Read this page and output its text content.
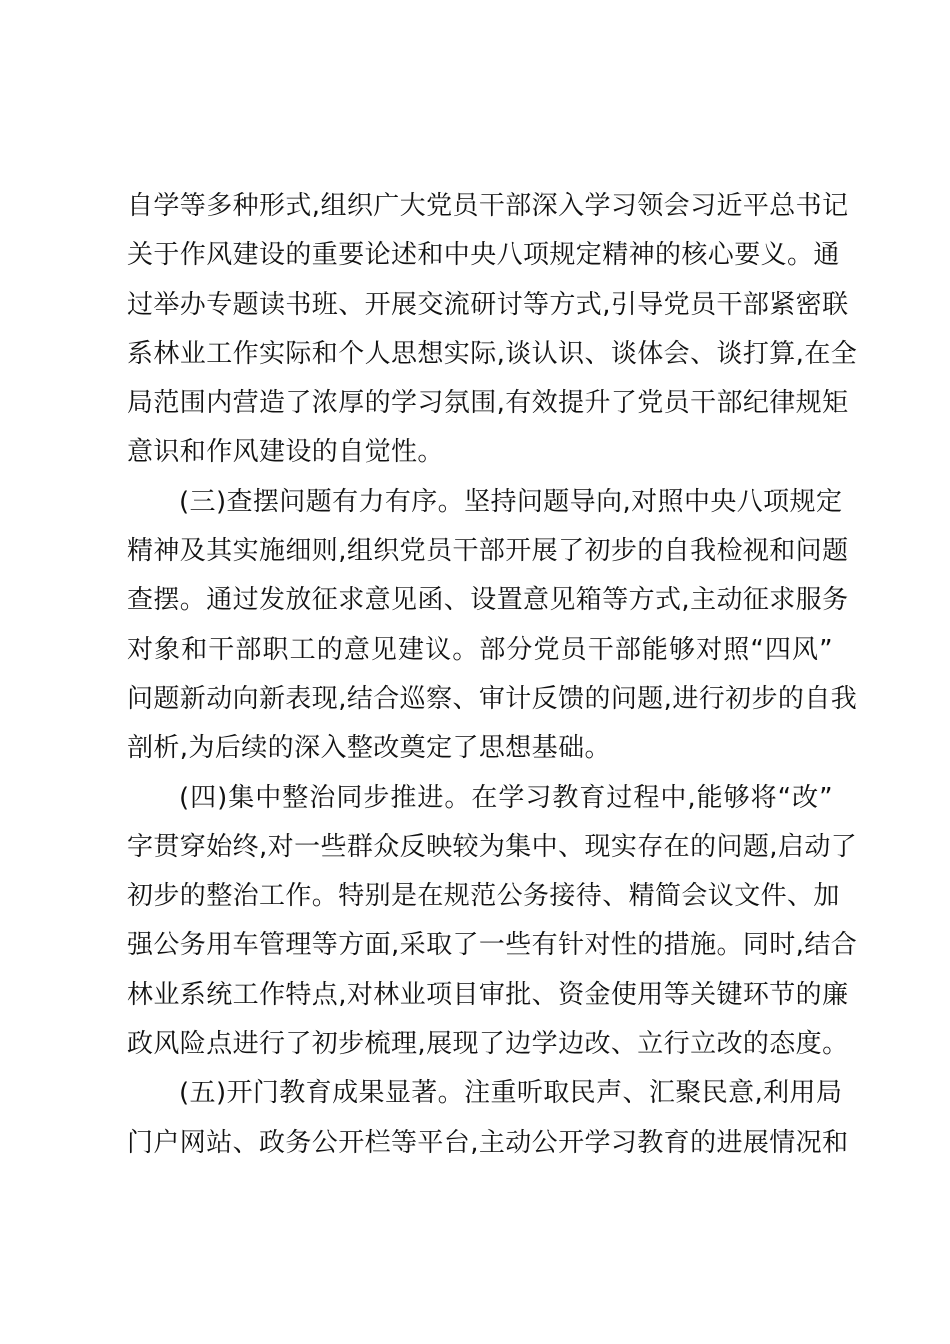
自学等多种形式,组织广大党员干部深入学习领会习近平总书记
关于作风建设的重要论述和中央八项规定精神的核心要义。通
过举办专题读书班、开展交流研讨等方式,引导党员干部紧密联
系林业工作实际和个人思想实际,谈认识、谈体会、谈打算,在全
局范围内营造了浓厚的学习氛围,有效提升了党员干部纪律规矩
意识和作风建设的自觉性。
(三)查摆问题有力有序。坚持问题导向,对照中央八项规定
精神及其实施细则,组织党员干部开展了初步的自我检视和问题
查摆。通过发放征求意见函、设置意见箱等方式,主动征求服务
对象和干部职工的意见建议。部分党员干部能够对照“四风”
问题新动向新表现,结合巡察、审计反馈的问题,进行初步的自我
剖析,为后续的深入整改奠定了思想基础。
(四)集中整治同步推进。在学习教育过程中,能够将“改”
字贯穿始终,对一些群众反映较为集中、现实存在的问题,启动了
初步的整治工作。特别是在规范公务接待、精简会议文件、加
强公务用车管理等方面,采取了一些有针对性的措施。同时,结合
林业系统工作特点,对林业项目审批、资金使用等关键环节的廉
政风险点进行了初步梳理,展现了边学边改、立行立改的态度。
(五)开门教育成果显著。注重听取民声、汇聚民意,利用局
门户网站、政务公开栏等平台,主动公开学习教育的进展情况和
